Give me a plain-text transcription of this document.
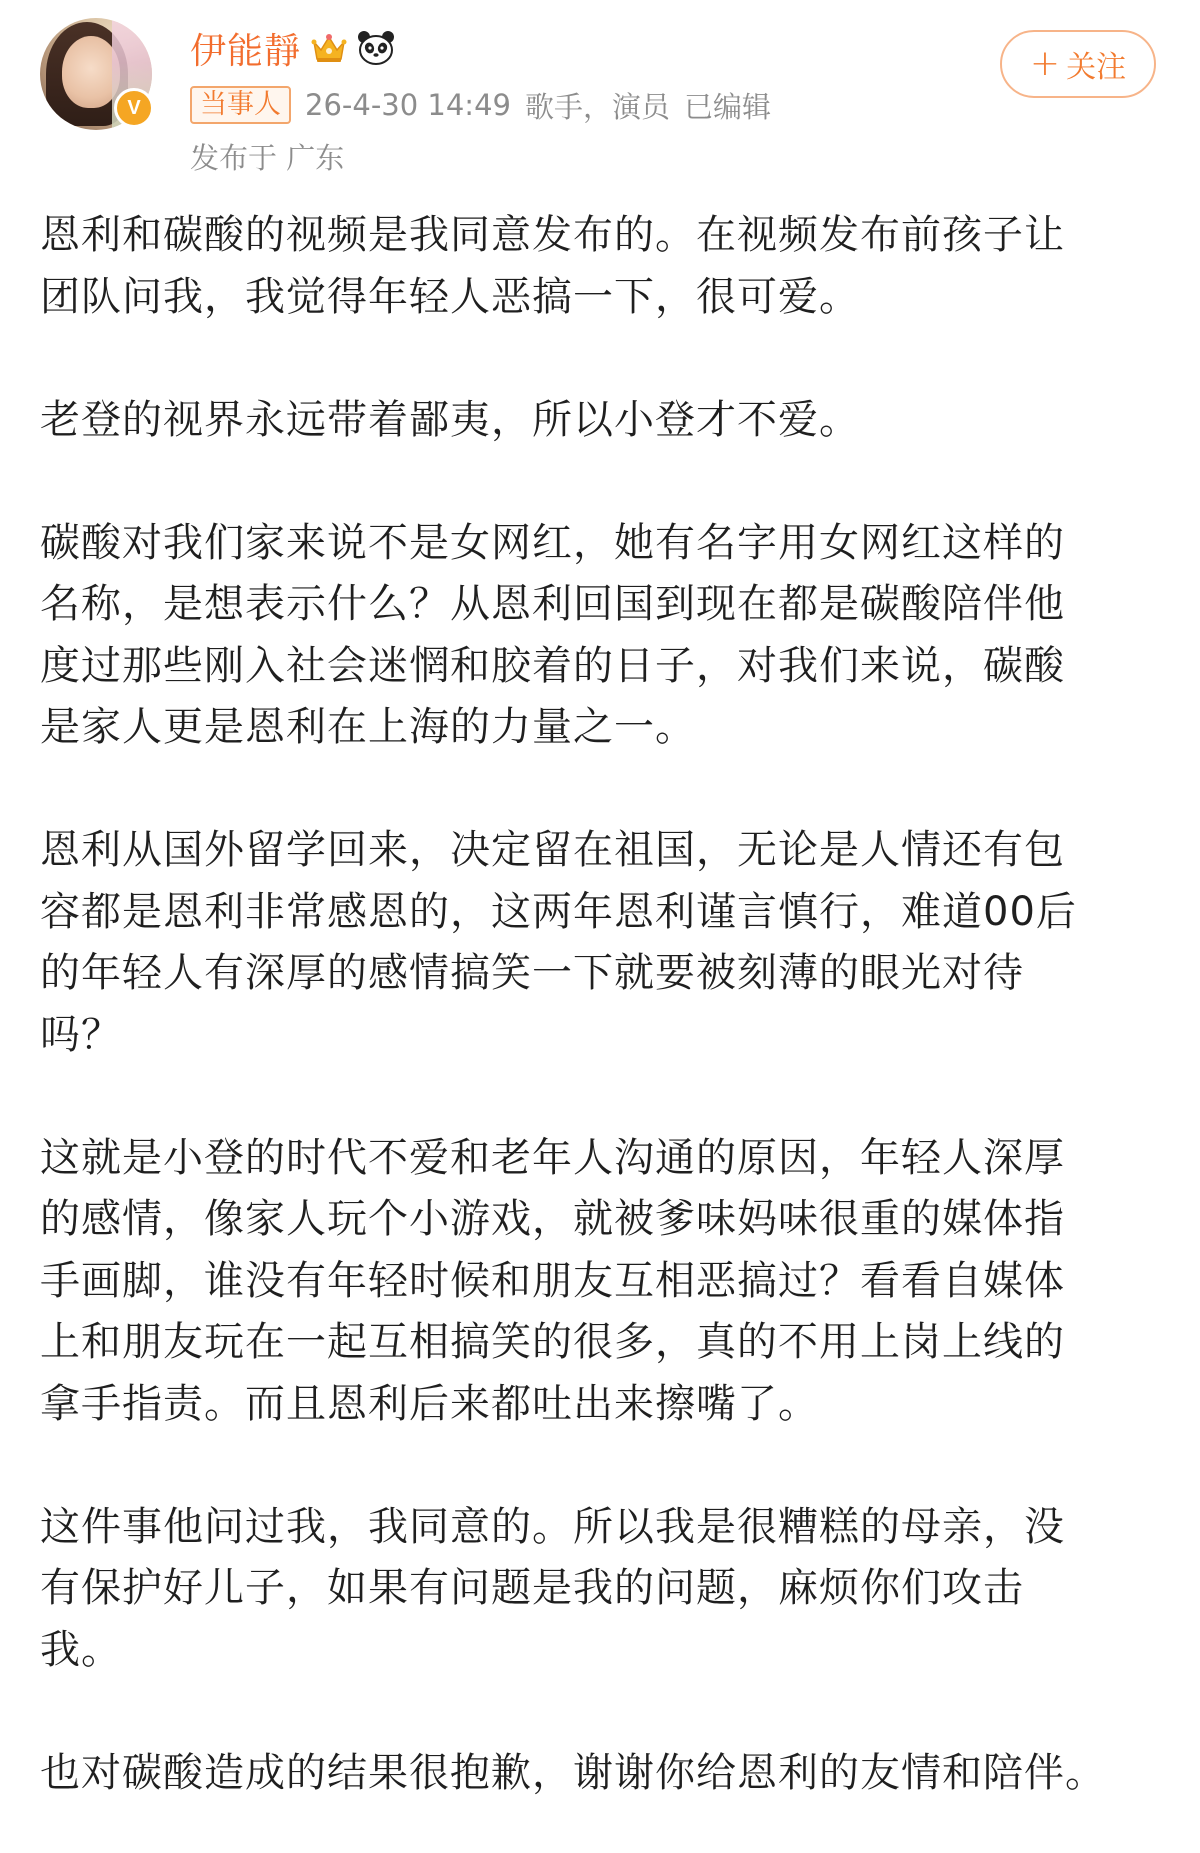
V
伊能靜
当事人 26-4-30 14:49 歌手，演员 已编辑
发布于 广东
+ 关注

恩利和碳酸的视频是我同意发布的。在视频发布前孩子让
团队问我，我觉得年轻人恶搞一下，很可爱。

老登的视界永远带着鄙夷，所以小登才不爱。

碳酸对我们家来说不是女网红，她有名字用女网红这样的
名称，是想表示什么？从恩利回国到现在都是碳酸陪伴他
度过那些刚入社会迷惘和胶着的日子，对我们来说，碳酸
是家人更是恩利在上海的力量之一。

恩利从国外留学回来，决定留在祖国，无论是人情还有包
容都是恩利非常感恩的，这两年恩利谨言慎行，难道00后
的年轻人有深厚的感情搞笑一下就要被刻薄的眼光对待
吗？

这就是小登的时代不爱和老年人沟通的原因，年轻人深厚
的感情，像家人玩个小游戏，就被爹味妈味很重的媒体指
手画脚，谁没有年轻时候和朋友互相恶搞过？看看自媒体
上和朋友玩在一起互相搞笑的很多，真的不用上岗上线的
拿手指责。而且恩利后来都吐出来擦嘴了。

这件事他问过我，我同意的。所以我是很糟糕的母亲，没
有保护好儿子，如果有问题是我的问题，麻烦你们攻击
我。

也对碳酸造成的结果很抱歉，谢谢你给恩利的友情和陪伴。
